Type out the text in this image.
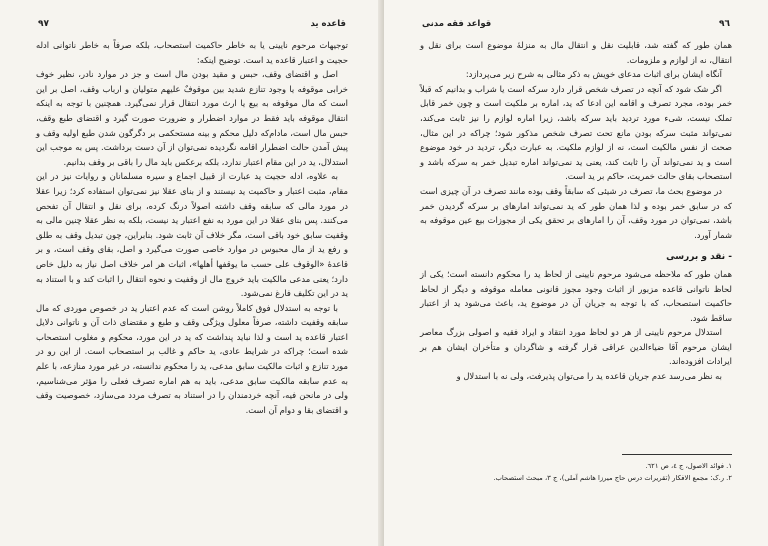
قاعده ید
٩٧

توجیهات مرحوم نایینی یا به خاطر حاکمیت استصحاب، بلکه صرفاً به خاطر ناتوانی ادله حجیت و اعتبار قاعده ید است. توضیح اینکه:

اصل و اقتضای وقف، حبس و مقید بودن مال است و جز در موارد نادر، نظیر خوف خرابی موقوفه یا وجود تنازع شدید بین موقوفٌ علیهم متولیان و ارباب وقف، اصل بر این است که مال موقوفه به بیع یا ارث مورد انتقال قرار نمی‌گیرد. همچنین با توجه به اینکه انتقال موقوفه باید فقط در موارد اضطرار و ضرورت صورت گیرد و اقتضای طبع وقف، حبس مال است، مادام‌که دلیل محکم و بینه مستحکمی بر دگرگون شدن طبع اولیه وقف و پیش آمدن حالت اضطرار اقامه نگردیده نمی‌توان از آن دست برداشت. پس به موجب این استدلال، ید در این مقام اعتبار ندارد، بلکه برعکس باید مال را باقی بر وقف بدانیم.

به علاوه، ادله حجیت ید عبارت از قبیل اجماع و سیره مسلمانان و روایات نیز در این مقام، مثبت اعتبار و حاکمیت ید نیستند و از بنای عقلا نیز نمی‌توان استفاده کرد؛ زیرا عقلا در مورد مالی که سابقه وقف داشته اصولاً درنگ کرده، برای نقل و انتقال آن تفحص می‌کنند. پس بنای عقلا در این مورد به نفع اعتبار ید نیست، بلکه به نظر عقلا چنین مالی به وقفیت سابق خود باقی است، مگر خلاف آن ثابت شود. بنابراین، چون تبدیل وقف به طلق و رفع ید از مال محبوس در موارد خاصی صورت می‌گیرد و اصل، بقای وقف است، و بر قاعدهٔ «الوقوف علی حسب ما یوقفها أهلها»، اثبات هر امر خلاف اصل نیاز به دلیل خاص دارد؛ یعنی مدعی مالکیت باید خروج مال از وقفیت و نحوه انتقال را اثبات کند و با استناد به ید در این تکلیف فارغ نمی‌شود.

با توجه به استدلال فوق کاملاً روشن است که عدم اعتبار ید در خصوص موردی که مال سابقه وقفیت داشته، صرفاً معلول ویژگی وقف و طبع و مقتضای ذات آن و ناتوانی دلایل اعتبار قاعده ید است و لذا نباید پنداشت که ید در این مورد، محکوم و مغلوب استصحاب شده است؛ چراکه در شرایط عادی، ید حاکم و غالب بر استصحاب است. از این رو در مورد تنازع و اثبات مالکیت سابق مدعی، ید را محکوم ندانسته، در غیر مورد منازعه، با علم به عدم سابقه مالکیت سابق مدعی، باید به هم اماره تصرف فعلی را مؤثر می‌شناسیم، ولی در مانحن فیه، آنچه خردمندان را در استناد به تصرف مردد می‌سازد، خصوصیت وقف و اقتضای بقا و دوام آن است.

٩٦
قواعد فقه مدنی

همان طور که گفته شد، قابلیت نقل و انتقال مال به منزلهٔ موضوع است برای نقل و انتقال، نه از لوازم و ملزومات.

آنگاه ایشان برای اثبات مدعای خویش به ذکر مثالی به شرح زیر می‌پردازد:

اگر شک شود که آنچه در تصرف شخص قرار دارد سرکه است یا شراب و بدانیم که قبلاً خمر بوده، مجرد تصرف و اقامه این ادعا که ید، اماره بر ملکیت است و چون خمر قابل تملک نیست، شیء مورد تردید باید سرکه باشد، زیرا اماره لوازم را نیز ثابت می‌کند، نمی‌تواند مثبت سرکه بودن مانع تحت تصرف شخص مذکور شود؛ چراکه در این مثال، صحت از نفس مالکیت است، نه از لوازم ملکیت. به عبارت دیگر، تردید در خود موضوع است و ید نمی‌تواند آن را ثابت کند، یعنی ید نمی‌تواند اماره تبدیل خمر به سرکه باشد و استصحاب بقای حالت خمریت، حاکم بر ید است.

در موضوع بحث ما، تصرف در شیئی که سابقاً وقف بوده مانند تصرف در آن چیزی است که در سابق خمر بوده و لذا همان طور که ید نمی‌تواند امارهای بر سرکه گردیدن خمر باشد، نمی‌توان در مورد وقف، آن را امارهای بر تحقق یکی از مجوزات بیع عین موقوفه به شمار آورد.

- نقد و بررسی

همان طور که ملاحظه می‌شود مرحوم نایینی از لحاظ ید را محکوم دانسته است؛ یکی از لحاظ ناتوانی قاعده مزبور از اثبات وجود مجوز قانونی معامله موقوفه و دیگر از لحاظ حاکمیت استصحاب، که با توجه به جریان آن در موضوع ید، باعث می‌شود ید از اعتبار ساقط شود.

استدلال مرحوم نایینی از هر دو لحاظ مورد انتقاد و ایراد فقیه و اصولی بزرگ معاصر ایشان مرحوم آقا ضیاءالدین عراقی قرار گرفته و شاگردان و متأخران ایشان هم بر ایرادات افزوده‌اند.

به نظر می‌رسد عدم جریان قاعده ید را می‌توان پذیرفت، ولی نه با استدلال و

١. فوائد الاصول، ج ٤، ص ٦٢١.
٢. ر.ک: مجمع الافکار (تقریرات درس حاج میرزا هاشم آملی)، ج ٣، مبحث استصحاب.
